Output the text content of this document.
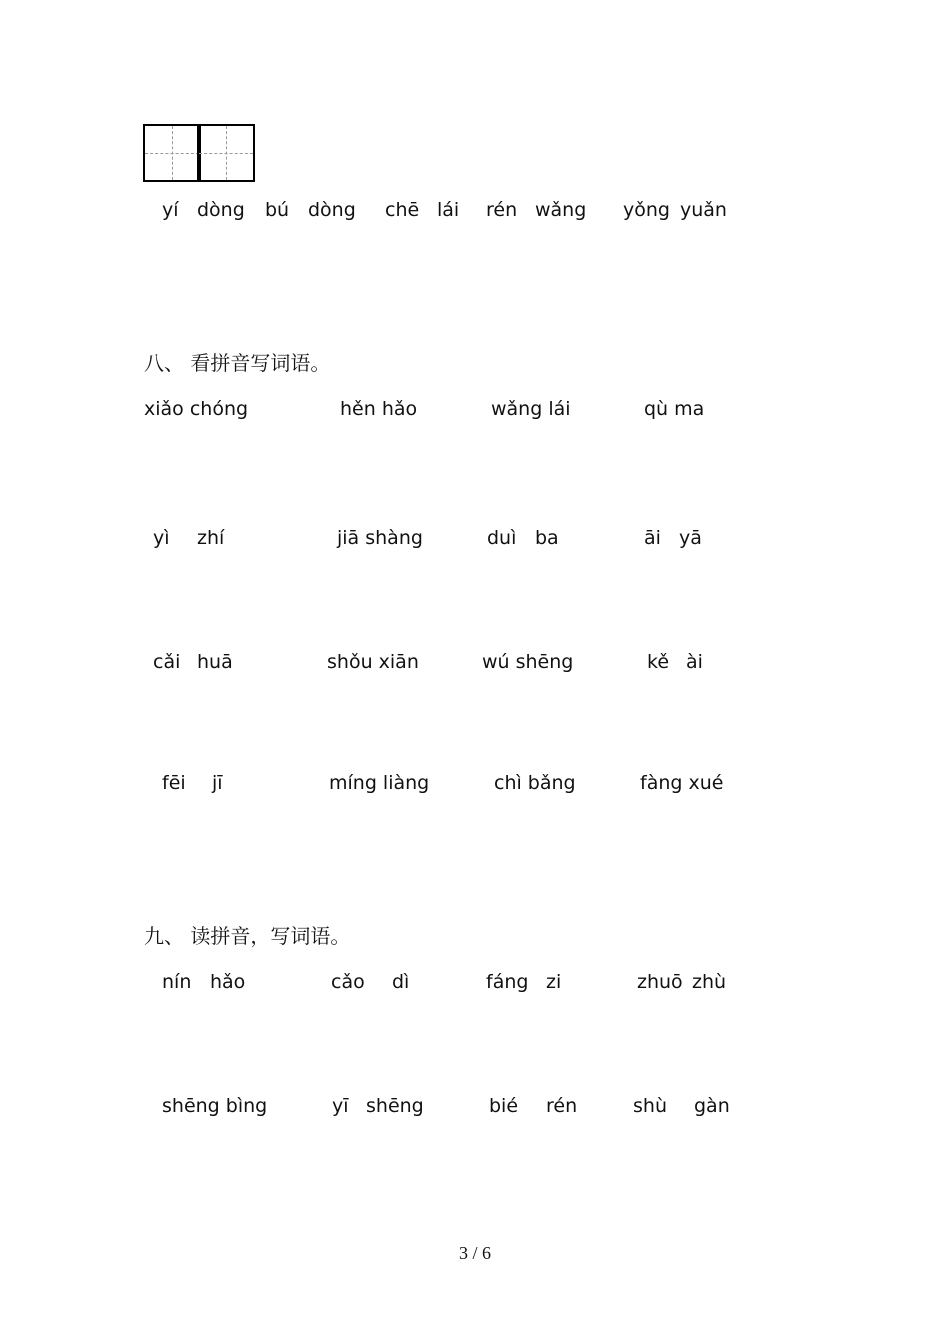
yí dòng bú dòng chē lái rén wǎng yǒng yuǎn
八、 看拼音写词语。
xiǎo chóng	hěn hǎo	wǎng lái	qù ma
yì zhí	jiā shàng	duì ba	āi yā
cǎi huā	shǒu xiān	wú shēng	kě ài
fēi jī	míng liàng	chì bǎng	fàng xué
九、 读拼音，写词语。
nín hǎo	cǎo dì	fáng zi	zhuō zhù
shēng bìng	yī shēng	bié rén	shù gàn
3 / 6
